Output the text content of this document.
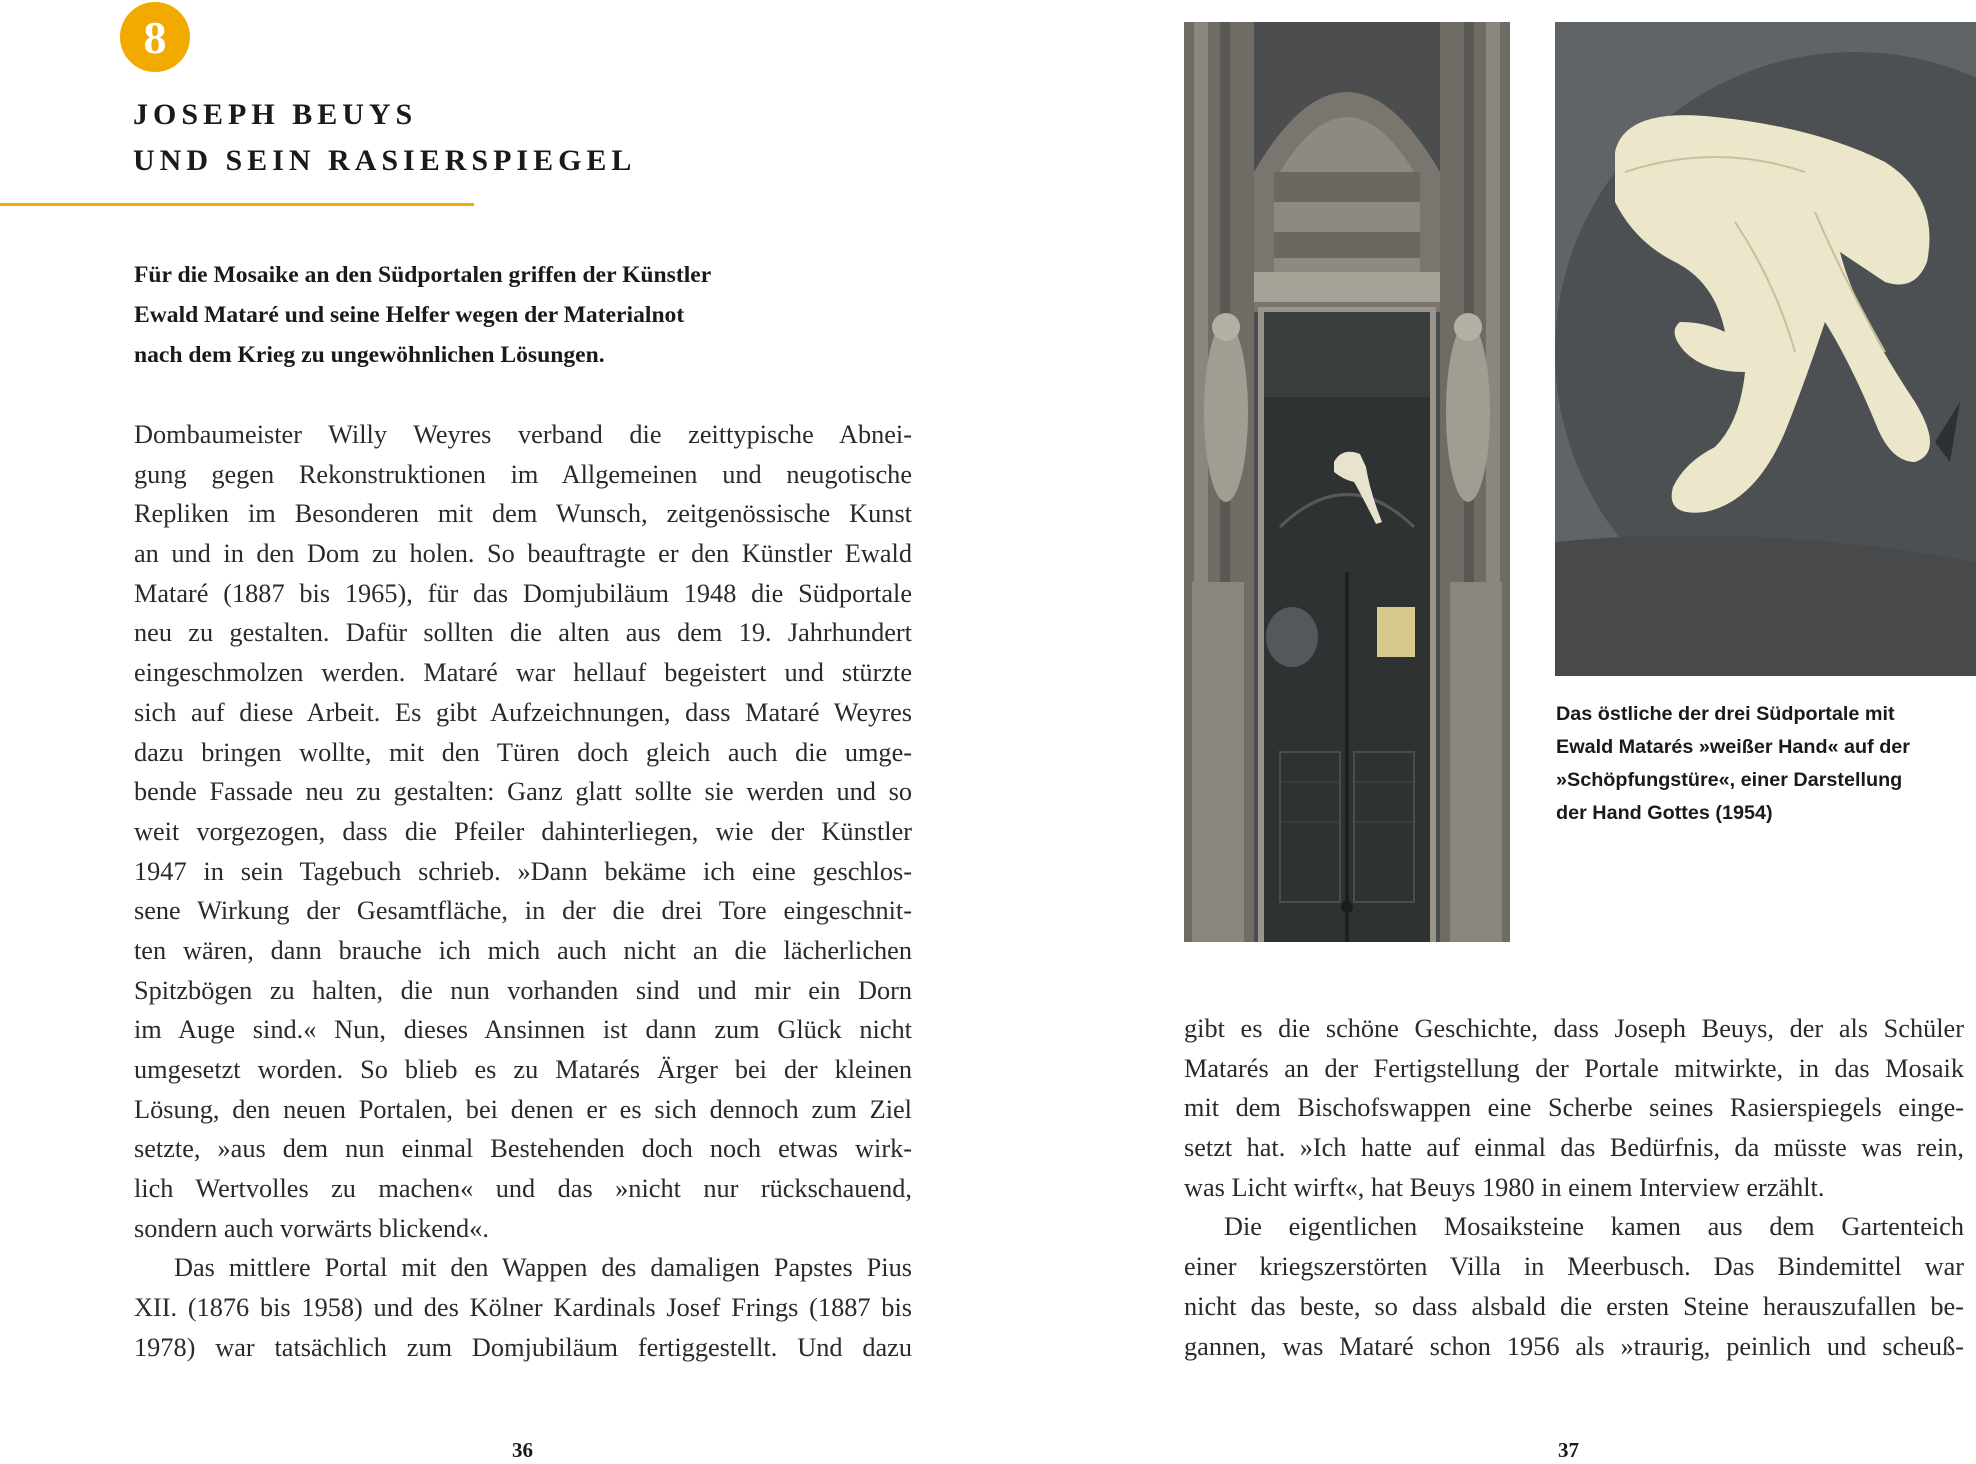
8
JOSEPH BEUYS
UND SEIN RASIERSPIEGEL
Für die Mosaike an den Südportalen griffen der Künstler
Ewald Mataré und seine Helfer wegen der Materialnot
nach dem Krieg zu ungewöhnlichen Lösungen.
Dombaumeister Willy Weyres verband die zeittypische Abnei-
gung gegen Rekonstruktionen im Allgemeinen und neugotische
Repliken im Besonderen mit dem Wunsch, zeitgenössische Kunst
an und in den Dom zu holen. So beauftragte er den Künstler Ewald
Mataré (1887 bis 1965), für das Domjubiläum 1948 die Südportale
neu zu gestalten. Dafür sollten die alten aus dem 19. Jahrhundert
eingeschmolzen werden. Mataré war hellauf begeistert und stürzte
sich auf diese Arbeit. Es gibt Aufzeichnungen, dass Mataré Weyres
dazu bringen wollte, mit den Türen doch gleich auch die umge-
bende Fassade neu zu gestalten: Ganz glatt sollte sie werden und so
weit vorgezogen, dass die Pfeiler dahinterliegen, wie der Künstler
1947 in sein Tagebuch schrieb. »Dann bekäme ich eine geschlos-
sene Wirkung der Gesamtfläche, in der die drei Tore eingeschnit-
ten wären, dann brauche ich mich auch nicht an die lächerlichen
Spitzbögen zu halten, die nun vorhanden sind und mir ein Dorn
im Auge sind.« Nun, dieses Ansinnen ist dann zum Glück nicht
umgesetzt worden. So blieb es zu Matarés Ärger bei der kleinen
Lösung, den neuen Portalen, bei denen er es sich dennoch zum Ziel
setzte, »aus dem nun einmal Bestehenden doch noch etwas wirk-
lich Wertvolles zu machen« und das »nicht nur rückschauend,
sondern auch vorwärts blickend«.
Das mittlere Portal mit den Wappen des damaligen Papstes Pius
XII. (1876 bis 1958) und des Kölner Kardinals Josef Frings (1887 bis
1978) war tatsächlich zum Domjubiläum fertiggestellt. Und dazu
36
Das östliche der drei Südportale mit
Ewald Matarés »weißer Hand« auf der
»Schöpfungstüre«, einer Darstellung
der Hand Gottes (1954)
gibt es die schöne Geschichte, dass Joseph Beuys, der als Schüler
Matarés an der Fertigstellung der Portale mitwirkte, in das Mosaik
mit dem Bischofswappen eine Scherbe seines Rasierspiegels einge-
setzt hat. »Ich hatte auf einmal das Bedürfnis, da müsste was rein,
was Licht wirft«, hat Beuys 1980 in einem Interview erzählt.
Die eigentlichen Mosaiksteine kamen aus dem Gartenteich
einer kriegszerstörten Villa in Meerbusch. Das Bindemittel war
nicht das beste, so dass alsbald die ersten Steine herauszufallen be-
gannen, was Mataré schon 1956 als »traurig, peinlich und scheuß-
37
